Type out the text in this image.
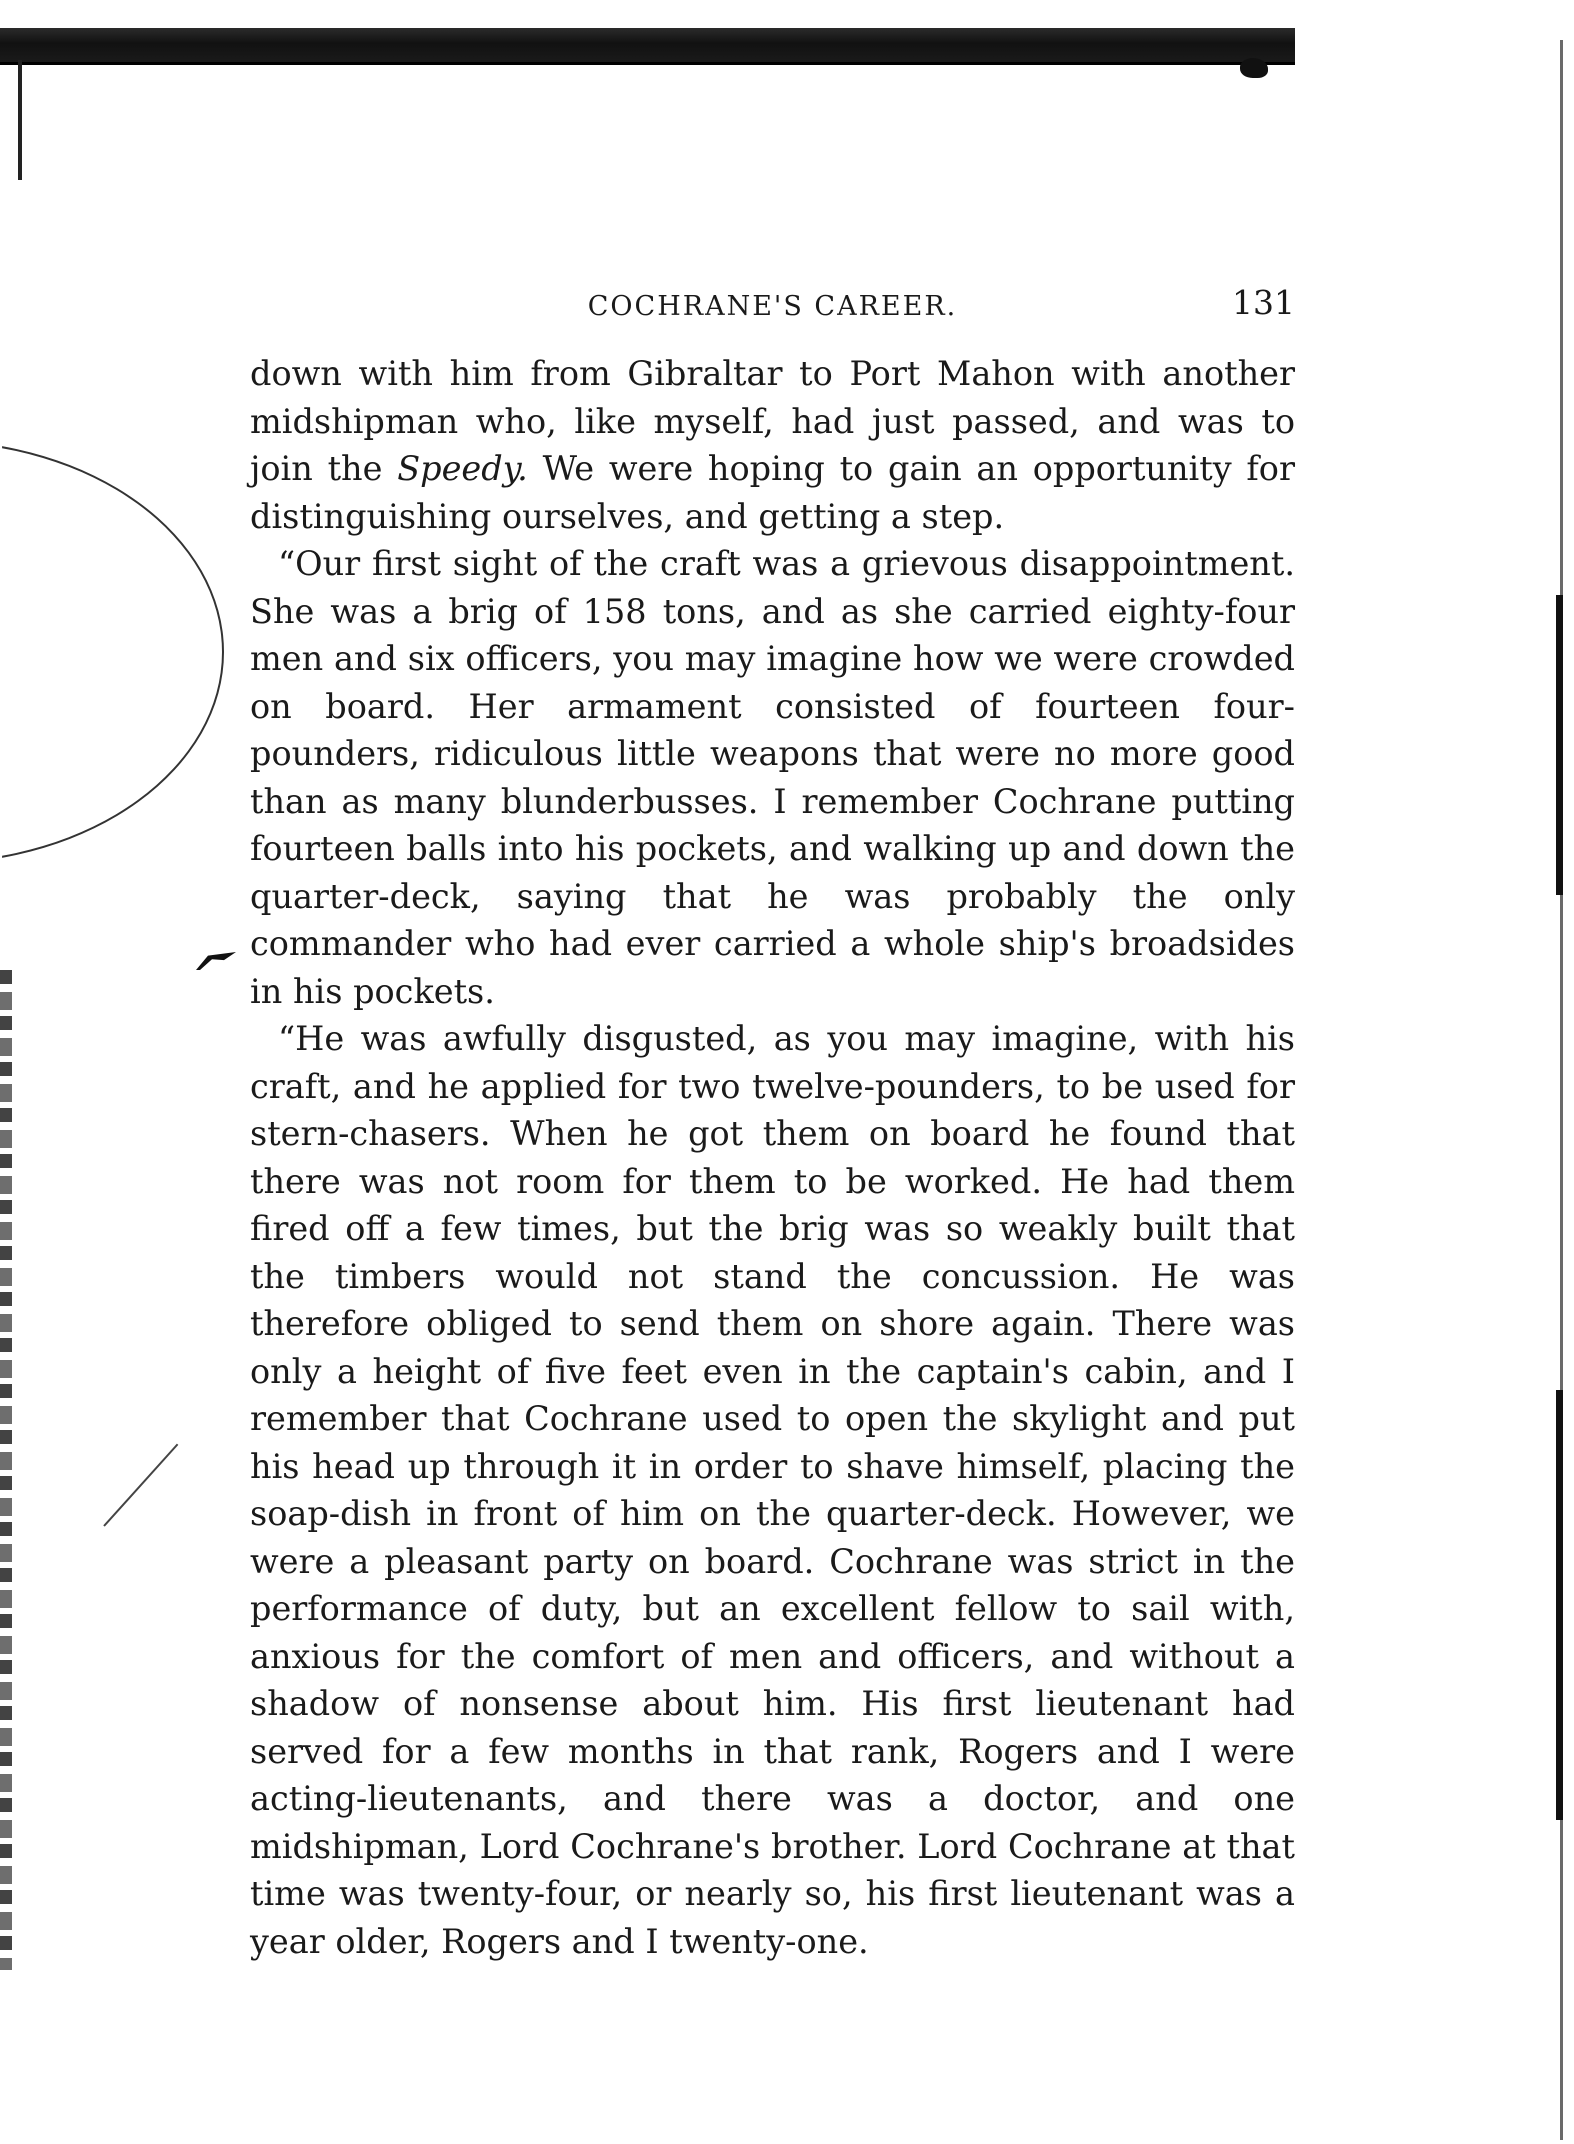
COCHRANE'S CAREER.	131

down with him from Gibraltar to Port Mahon with another midshipman who, like myself, had just passed, and was to join the Speedy. We were hoping to gain an opportunity for distinguishing ourselves, and getting a step.

“Our first sight of the craft was a grievous disappointment. She was a brig of 158 tons, and as she carried eighty-four men and six officers, you may imagine how we were crowded on board. Her armament consisted of fourteen four-pounders, ridiculous little weapons that were no more good than as many blunderbusses. I remember Cochrane putting fourteen balls into his pockets, and walking up and down the quarter-deck, saying that he was probably the only commander who had ever carried a whole ship's broadsides in his pockets.

“He was awfully disgusted, as you may imagine, with his craft, and he applied for two twelve-pounders, to be used for stern-chasers. When he got them on board he found that there was not room for them to be worked. He had them fired off a few times, but the brig was so weakly built that the timbers would not stand the concussion. He was therefore obliged to send them on shore again. There was only a height of five feet even in the captain's cabin, and I remember that Cochrane used to open the skylight and put his head up through it in order to shave himself, placing the soap-dish in front of him on the quarter-deck. However, we were a pleasant party on board. Cochrane was strict in the performance of duty, but an excellent fellow to sail with, anxious for the comfort of men and officers, and without a shadow of nonsense about him. His first lieutenant had served for a few months in that rank, Rogers and I were acting-lieutenants, and there was a doctor, and one midshipman, Lord Cochrane's brother. Lord Cochrane at that time was twenty-four, or nearly so, his first lieutenant was a year older, Rogers and I twenty-one.
